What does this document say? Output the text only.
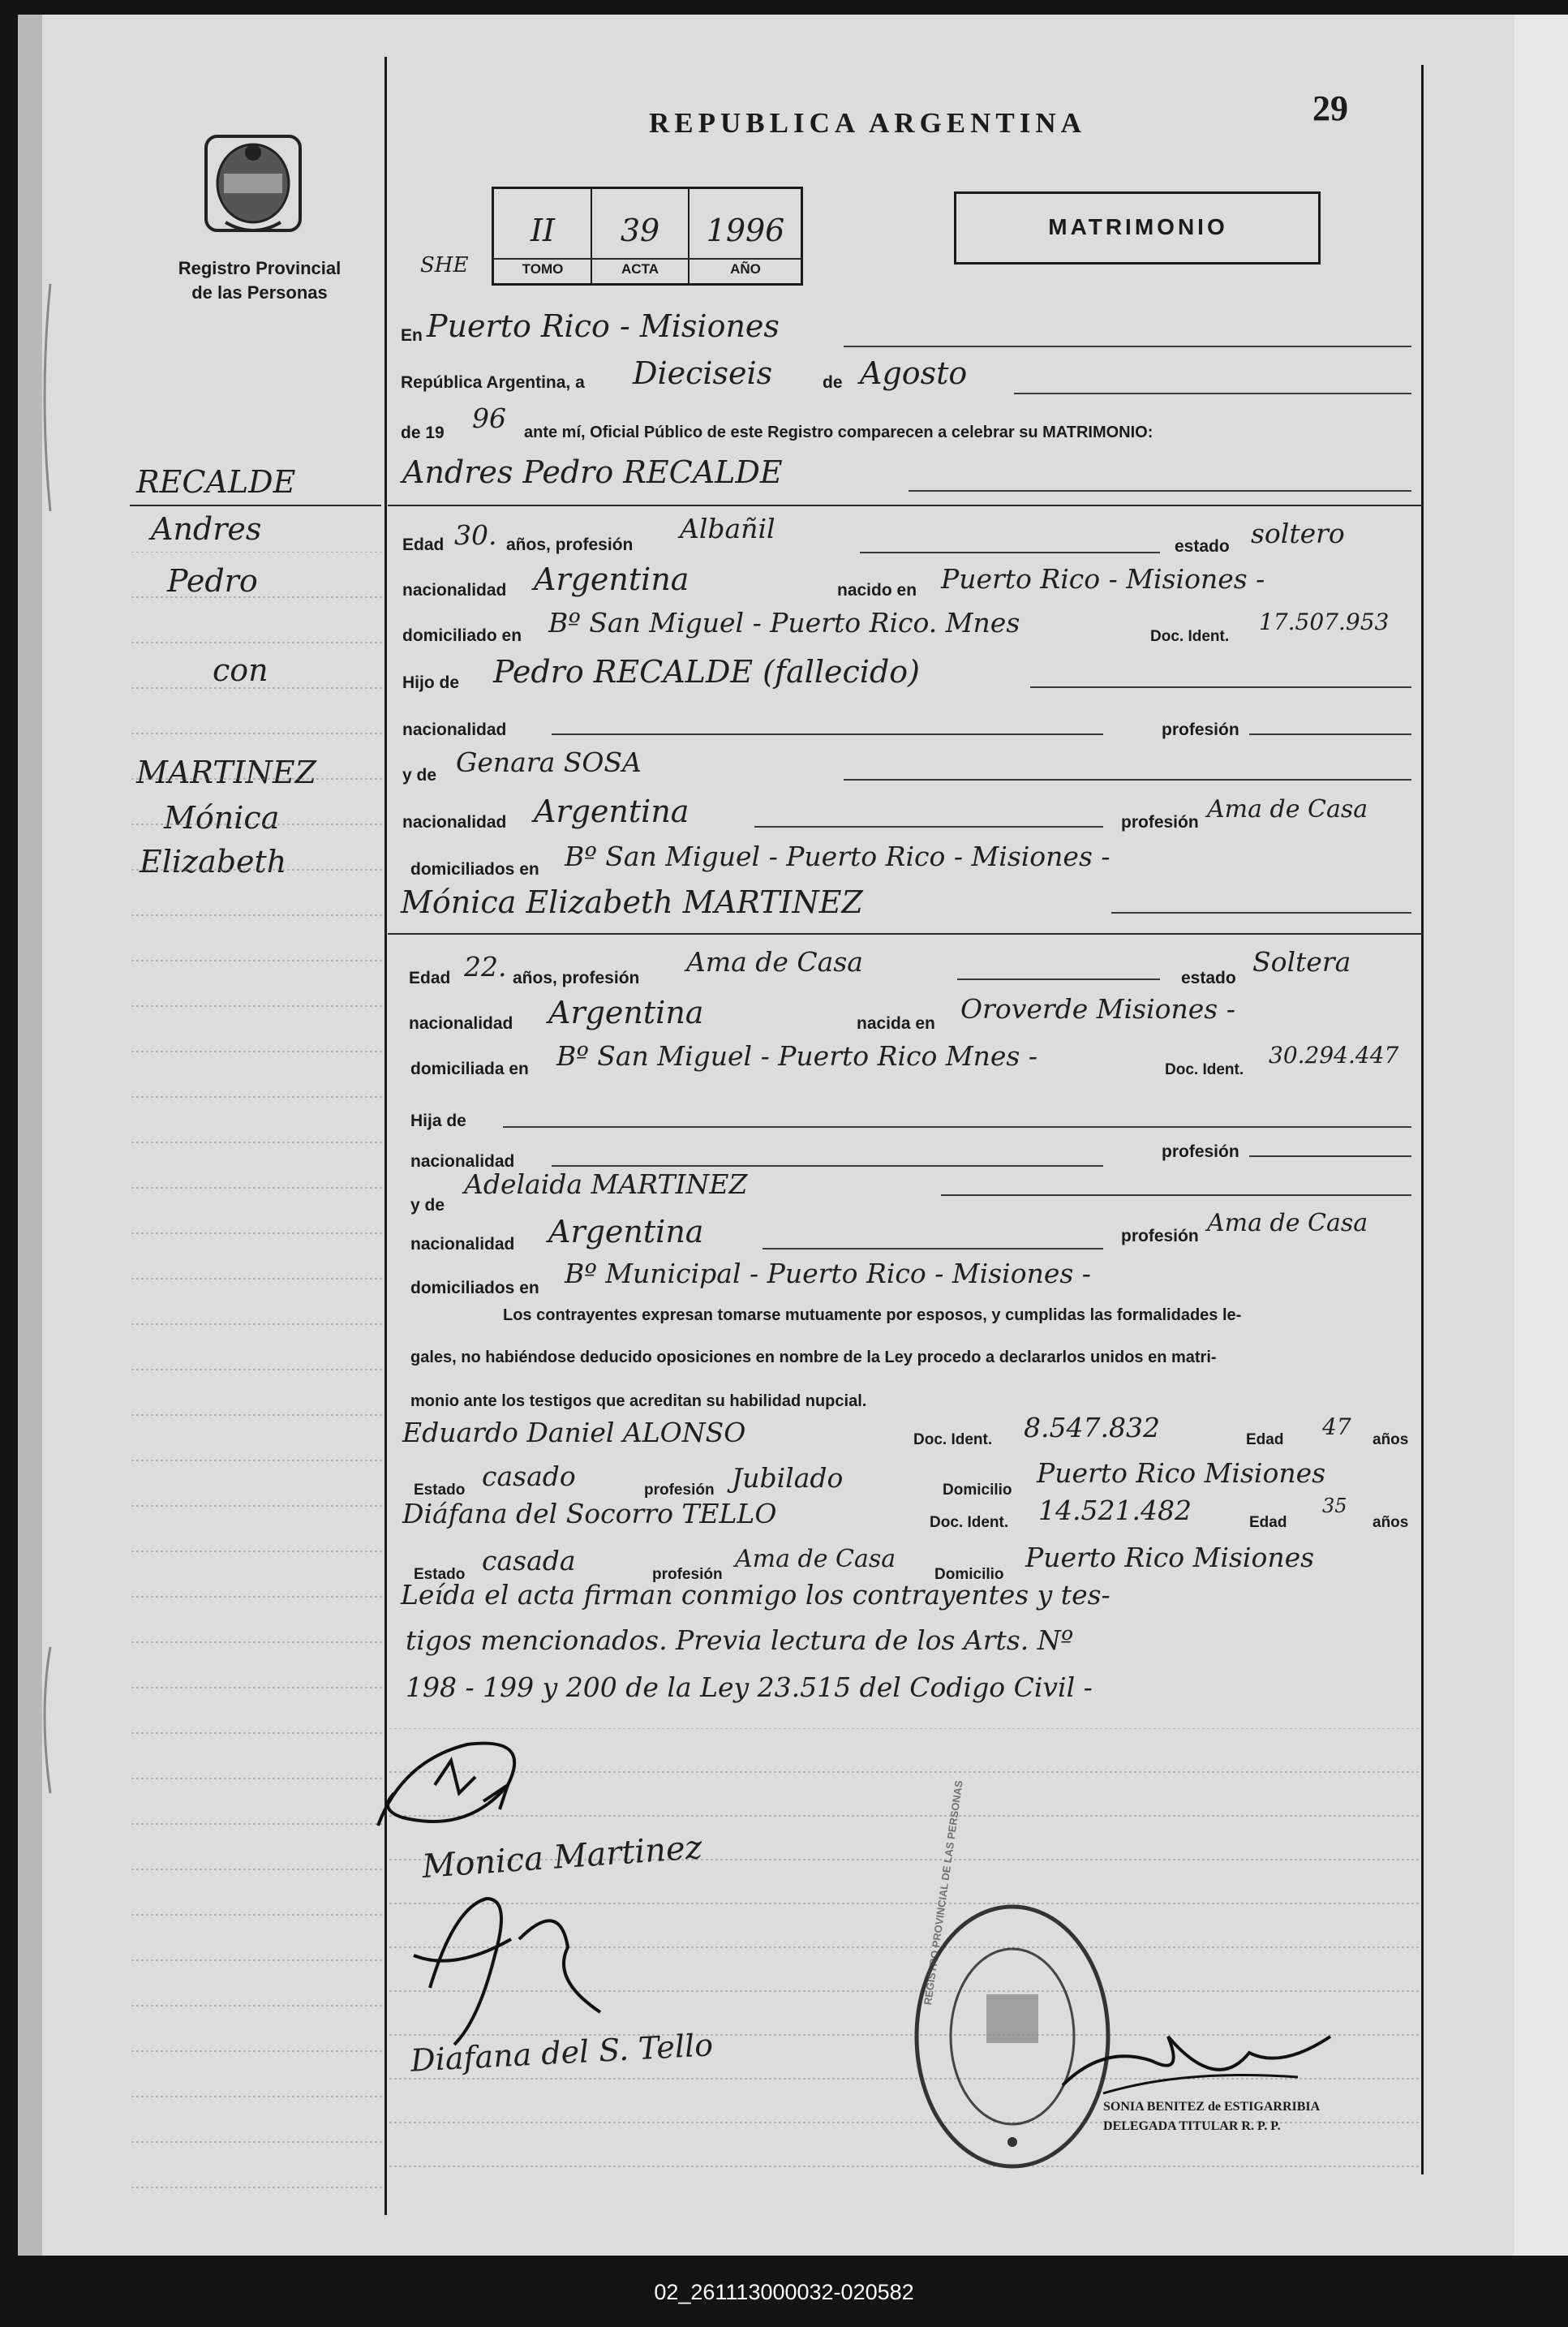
REPUBLICA ARGENTINA	29
Registro Provincial
de las Personas
SHE
II	39	1996
TOMO	ACTA	AÑO
MATRIMONIO
RECALDE
Andres
Pedro
con
MARTINEZ
Mónica
Elizabeth
En Puerto Rico - Misiones
República Argentina, a Dieciseis	de Agosto
de 19 96 ante mí, Oficial Público de este Registro comparecen a celebrar su MATRIMONIO:
Andres Pedro RECALDE
Edad 30. años, profesión
Albañil
estado soltero
nacionalidad Argentina	nacido en Puerto Rico - Misiones -
domiciliado en Bº San Miguel - Puerto Rico. Mnes	Doc. Ident.
17.507.953
Hijo de Pedro RECALDE (fallecido)
nacionalidad	profesión
y de Genara SOSA
nacionalidad Argentina	profesión Ama de Casa
domiciliados en Bº San Miguel - Puerto Rico - Misiones -
Mónica Elizabeth MARTINEZ
Edad 22. años, profesión
Ama de Casa
estado
Soltera
nacionalidad Argentina	nacida en Oroverde Misiones -
domiciliada en Bº San Miguel - Puerto Rico Mnes -	Doc. Ident.
30.294.447
Hija de
nacionalidad
profesión
y de
Adelaida MARTINEZ
nacionalidad Argentina	profesión Ama de Casa
domiciliados en Bº Municipal - Puerto Rico - Misiones -
Los contrayentes expresan tomarse mutuamente por esposos, y cumplidas las formalidades le-
gales, no habiéndose deducido oposiciones en nombre de la Ley procedo a declararlos unidos en matri-
monio ante los testigos que acreditan su habilidad nupcial.
Eduardo Daniel ALONSO	Doc. Ident. 8.547.832	Edad 47 años
Estado casado	profesión Jubilado	Domicilio
Puerto Rico Misiones
Diáfana del Socorro TELLO	Doc. Ident. 14.521.482	Edad
35
años
Estado casada	profesión
Ama de Casa
Domicilio
Puerto Rico Misiones
Leída el acta firman conmigo los contrayentes y tes-
tigos mencionados. Previa lectura de los Arts. Nº
198 - 199 y 200 de la Ley 23.515 del Codigo Civil -
Monica Martinez
Diafana del S. Tello
REGISTRO PROVINCIAL DE LAS PERSONAS
SONIA BENITEZ de ESTIGARRIBIA
DELEGADA TITULAR R. P. P.
02_261113000032-020582
